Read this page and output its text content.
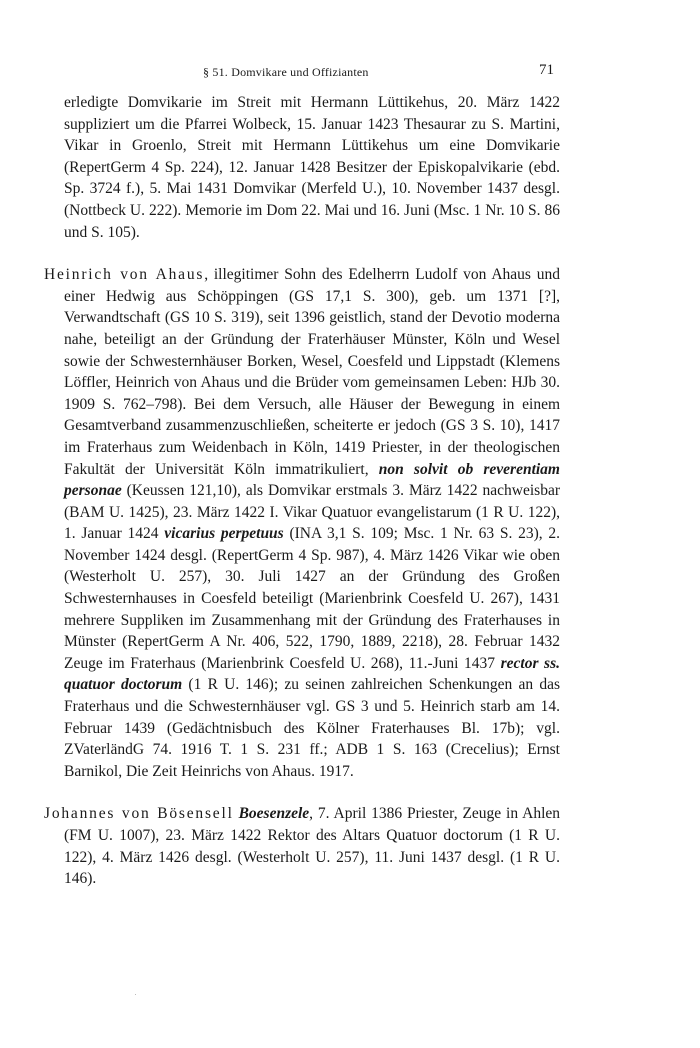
§ 51. Domvikare und Offizianten	71

erledigte Domvikarie im Streit mit Hermann Lüttikehus, 20. März 1422 suppliziert um die Pfarrei Wolbeck, 15. Januar 1423 Thesaurar zu S. Martini, Vikar in Groenlo, Streit mit Hermann Lüttikehus um eine Domvikarie (RepertGerm 4 Sp. 224), 12. Januar 1428 Besitzer der Episkopalvikarie (ebd. Sp. 3724 f.), 5. Mai 1431 Domvikar (Merfeld U.), 10. November 1437 desgl. (Nottbeck U. 222). Memorie im Dom 22. Mai und 16. Juni (Msc. 1 Nr. 10 S. 86 und S. 105).

Heinrich von Ahaus, illegitimer Sohn des Edelherrn Ludolf von Ahaus und einer Hedwig aus Schöppingen (GS 17,1 S. 300), geb. um 1371 [?], Verwandtschaft (GS 10 S. 319), seit 1396 geistlich, stand der Devotio moderna nahe, beteiligt an der Gründung der Fraterhäuser Münster, Köln und Wesel sowie der Schwesternhäuser Borken, Wesel, Coesfeld und Lippstadt (Klemens Löffler, Heinrich von Ahaus und die Brüder vom gemeinsamen Leben: HJb 30. 1909 S. 762–798). Bei dem Versuch, alle Häuser der Bewegung in einem Gesamtverband zusammenzuschließen, scheiterte er jedoch (GS 3 S. 10), 1417 im Fraterhaus zum Weidenbach in Köln, 1419 Priester, in der theologischen Fakultät der Universität Köln immatrikuliert, non solvit ob reverentiam personae (Keussen 121,10), als Domvikar erstmals 3. März 1422 nachweisbar (BAM U. 1425), 23. März 1422 I. Vikar Quatuor evangelistarum (1 R U. 122), 1. Januar 1424 vicarius perpetuus (INA 3,1 S. 109; Msc. 1 Nr. 63 S. 23), 2. November 1424 desgl. (RepertGerm 4 Sp. 987), 4. März 1426 Vikar wie oben (Westerholt U. 257), 30. Juli 1427 an der Gründung des Großen Schwesternhauses in Coesfeld beteiligt (Marienbrink Coesfeld U. 267), 1431 mehrere Suppliken im Zusammenhang mit der Gründung des Fraterhauses in Münster (RepertGerm A Nr. 406, 522, 1790, 1889, 2218), 28. Februar 1432 Zeuge im Fraterhaus (Marienbrink Coesfeld U. 268), 11.-Juni 1437 rector ss. quatuor doctorum (1 R U. 146); zu seinen zahlreichen Schenkungen an das Fraterhaus und die Schwesternhäuser vgl. GS 3 und 5. Heinrich starb am 14. Februar 1439 (Gedächtnisbuch des Kölner Fraterhauses Bl. 17b); vgl. ZVaterländG 74. 1916 T. 1 S. 231 ff.; ADB 1 S. 163 (Crecelius); Ernst Barnikol, Die Zeit Heinrichs von Ahaus. 1917.

Johannes von Bösensell Boesenzele, 7. April 1386 Priester, Zeuge in Ahlen (FM U. 1007), 23. März 1422 Rektor des Altars Quatuor doctorum (1 R U. 122), 4. März 1426 desgl. (Westerholt U. 257), 11. Juni 1437 desgl. (1 R U. 146).
